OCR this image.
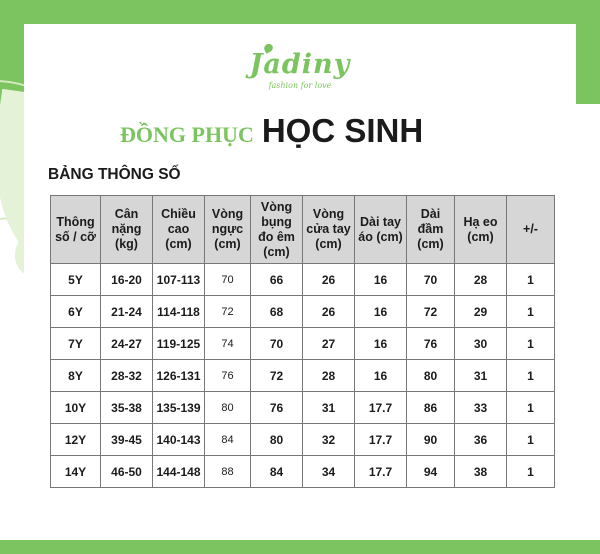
Jadiny
fashion for love
ĐỒNG PHỤC HỌC SINH
BẢNG THÔNG SỐ
Thông số / cỡ	Cân nặng (kg)	Chiều cao (cm)	Vòng ngực (cm)	Vòng bụng đo êm (cm)	Vòng cửa tay (cm)	Dài tay áo (cm)	Dài đầm (cm)	Hạ eo (cm)	+/-
5Y	16-20	107-113	70	66	26	16	70	28	1
6Y	21-24	114-118	72	68	26	16	72	29	1
7Y	24-27	119-125	74	70	27	16	76	30	1
8Y	28-32	126-131	76	72	28	16	80	31	1
10Y	35-38	135-139	80	76	31	17.7	86	33	1
12Y	39-45	140-143	84	80	32	17.7	90	36	1
14Y	46-50	144-148	88	84	34	17.7	94	38	1
